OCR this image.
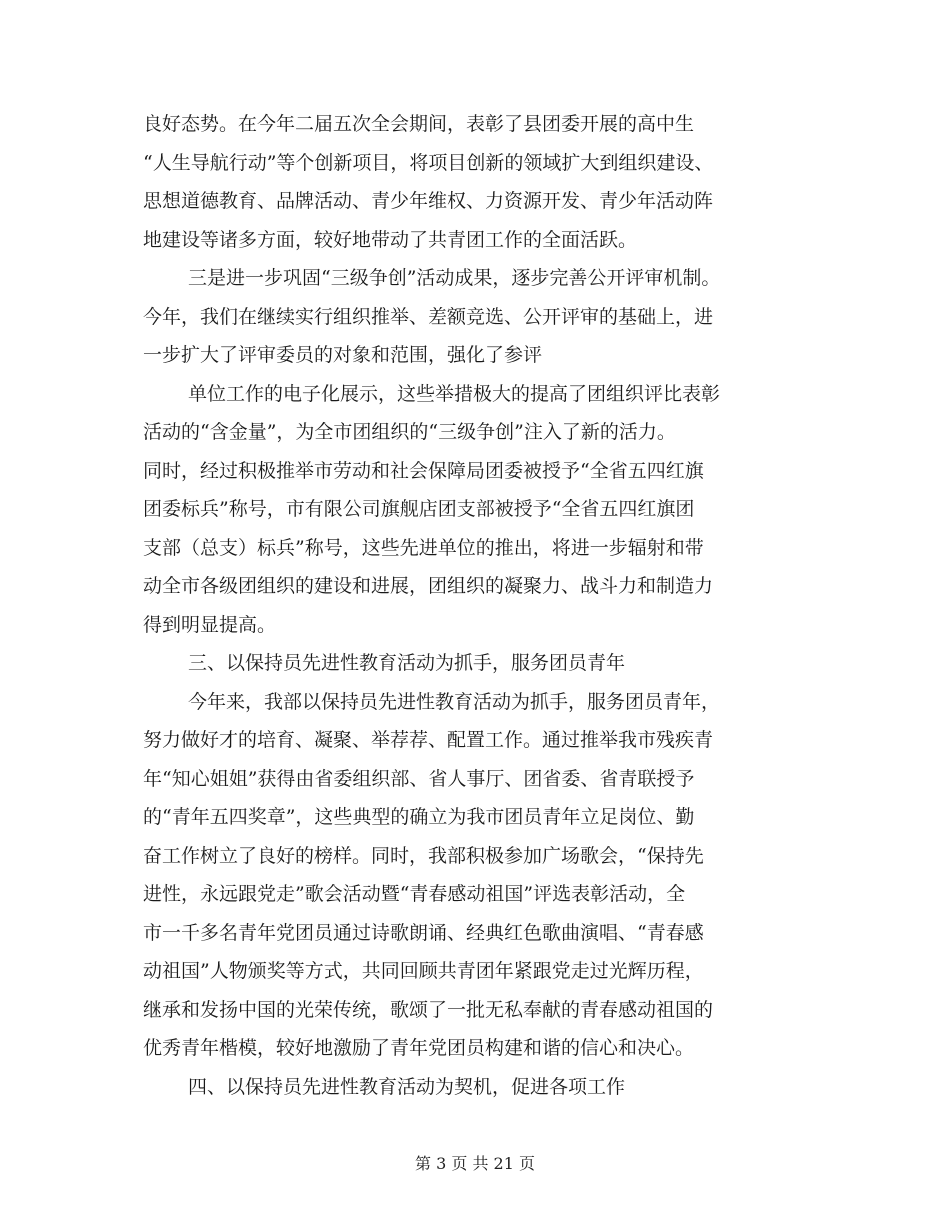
良好态势。在今年二届五次全会期间，表彰了县团委开展的高中生
“人生导航行动”等个创新项目，将项目创新的领域扩大到组织建设、
思想道德教育、品牌活动、青少年维权、力资源开发、青少年活动阵
地建设等诸多方面，较好地带动了共青团工作的全面活跃。
三是进一步巩固“三级争创”活动成果，逐步完善公开评审机制。
今年，我们在继续实行组织推举、差额竞选、公开评审的基础上，进
一步扩大了评审委员的对象和范围，强化了参评
单位工作的电子化展示，这些举措极大的提高了团组织评比表彰
活动的“含金量”，为全市团组织的“三级争创”注入了新的活力。
同时，经过积极推举市劳动和社会保障局团委被授予“全省五四红旗
团委标兵”称号，市有限公司旗舰店团支部被授予“全省五四红旗团
支部（总支）标兵”称号，这些先进单位的推出，将进一步辐射和带
动全市各级团组织的建设和进展，团组织的凝聚力、战斗力和制造力
得到明显提高。
三、以保持员先进性教育活动为抓手，服务团员青年
今年来，我部以保持员先进性教育活动为抓手，服务团员青年，
努力做好才的培育、凝聚、举荐荐、配置工作。通过推举我市残疾青
年“知心姐姐”获得由省委组织部、省人事厅、团省委、省青联授予
的“青年五四奖章”，这些典型的确立为我市团员青年立足岗位、勤
奋工作树立了良好的榜样。同时，我部积极参加广场歌会，“保持先
进性，永远跟党走”歌会活动暨“青春感动祖国”评选表彰活动，全
市一千多名青年党团员通过诗歌朗诵、经典红色歌曲演唱、“青春感
动祖国”人物颁奖等方式，共同回顾共青团年紧跟党走过光辉历程，
继承和发扬中国的光荣传统，歌颂了一批无私奉献的青春感动祖国的
优秀青年楷模，较好地激励了青年党团员构建和谐的信心和决心。
四、以保持员先进性教育活动为契机，促进各项工作
第 3 页 共 21 页
